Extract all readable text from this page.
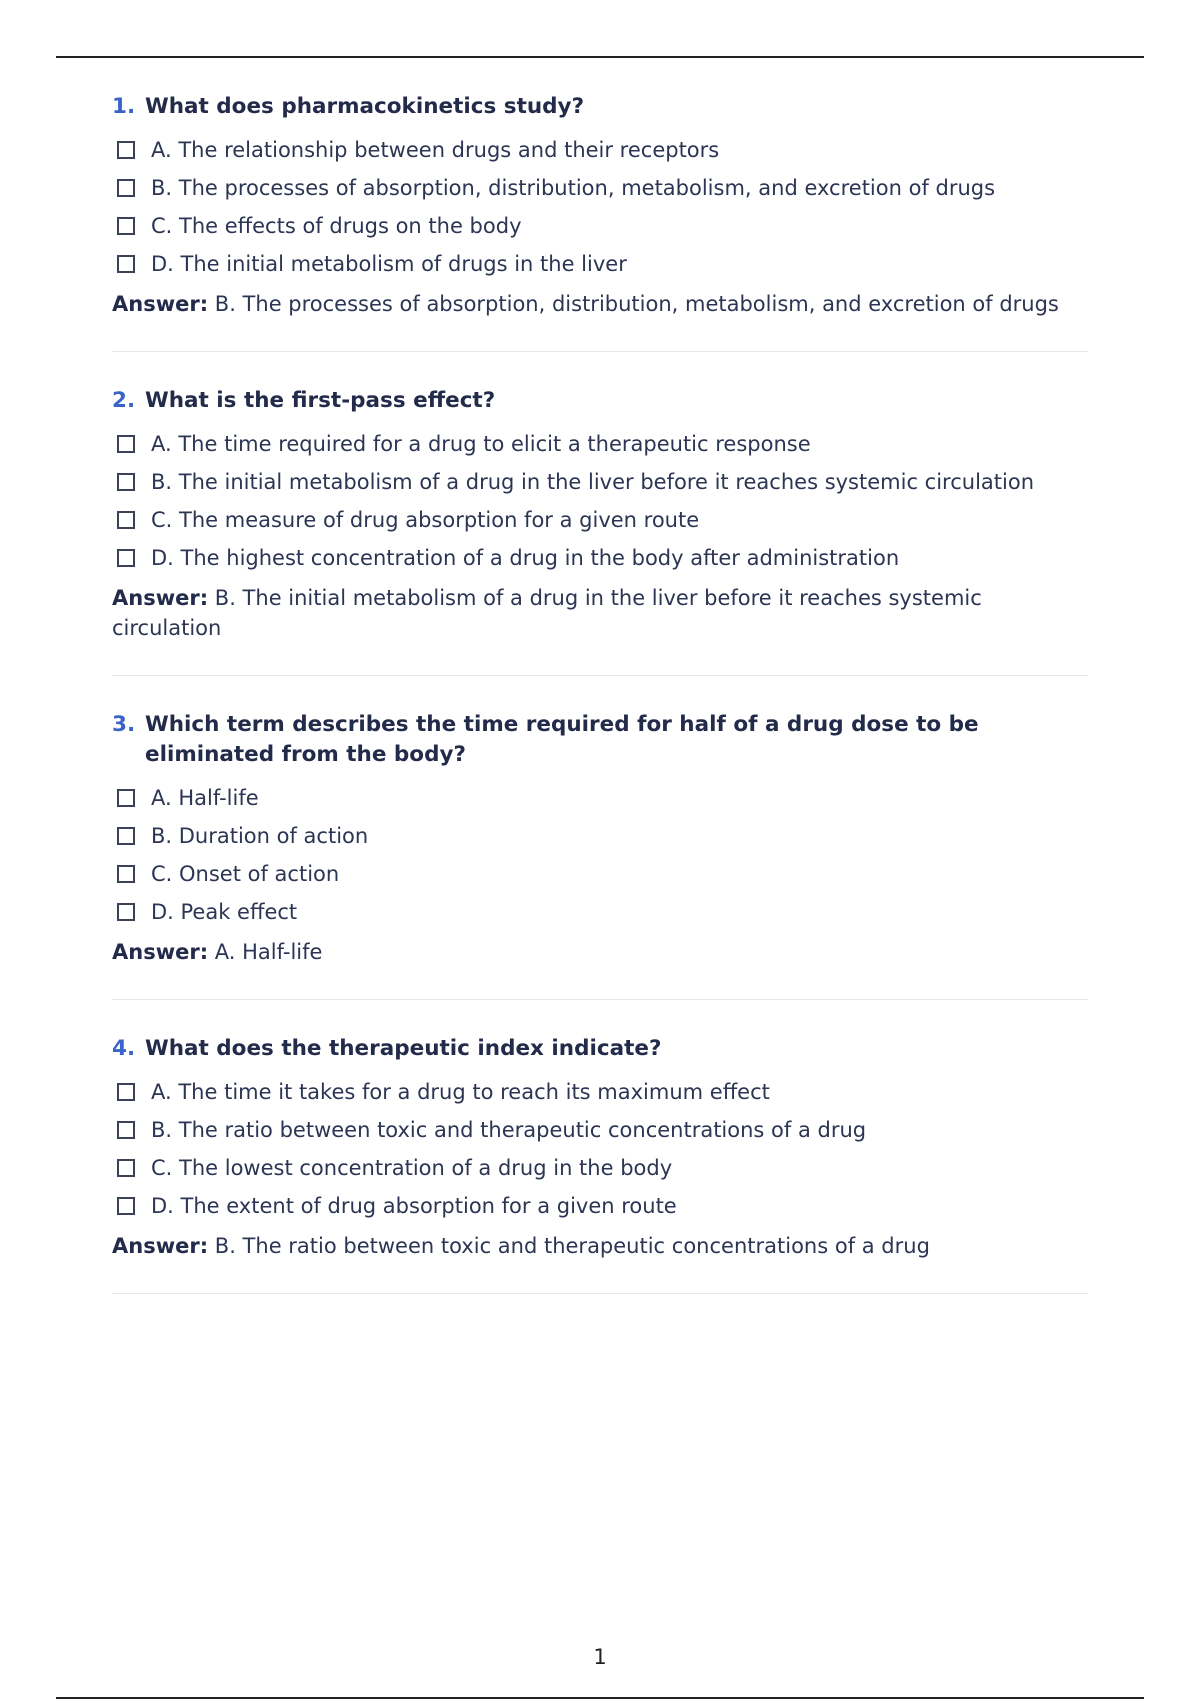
1. What does pharmacokinetics study?
A. The relationship between drugs and their receptors
B. The processes of absorption, distribution, metabolism, and excretion of drugs
C. The effects of drugs on the body
D. The initial metabolism of drugs in the liver

Answer: B. The processes of absorption, distribution, metabolism, and excretion of drugs

2. What is the first-pass effect?
A. The time required for a drug to elicit a therapeutic response
B. The initial metabolism of a drug in the liver before it reaches systemic circulation
C. The measure of drug absorption for a given route
D. The highest concentration of a drug in the body after administration

Answer: B. The initial metabolism of a drug in the liver before it reaches systemic circulation

3. Which term describes the time required for half of a drug dose to be eliminated from the body?
A. Half-life
B. Duration of action
C. Onset of action
D. Peak effect

Answer: A. Half-life

4. What does the therapeutic index indicate?
A. The time it takes for a drug to reach its maximum effect
B. The ratio between toxic and therapeutic concentrations of a drug
C. The lowest concentration of a drug in the body
D. The extent of drug absorption for a given route

Answer: B. The ratio between toxic and therapeutic concentrations of a drug

1
